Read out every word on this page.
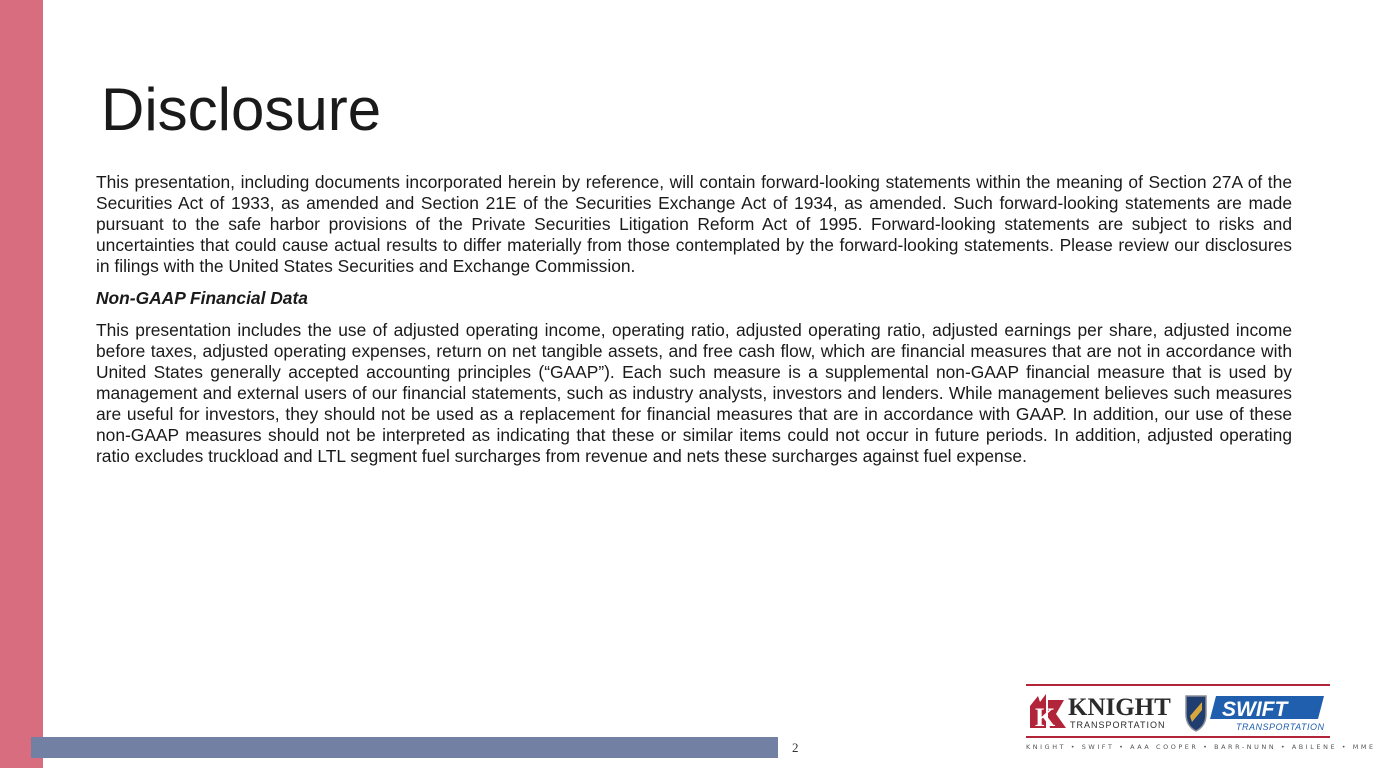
Disclosure

This presentation, including documents incorporated herein by reference, will contain forward-looking statements within the meaning of Section 27A of the Securities Act of 1933, as amended and Section 21E of the Securities Exchange Act of 1934, as amended. Such forward-looking statements are made pursuant to the safe harbor provisions of the Private Securities Litigation Reform Act of 1995. Forward-looking statements are subject to risks and uncertainties that could cause actual results to differ materially from those contemplated by the forward-looking statements. Please review our disclosures in filings with the United States Securities and Exchange Commission.

Non-GAAP Financial Data

This presentation includes the use of adjusted operating income, operating ratio, adjusted operating ratio, adjusted earnings per share, adjusted income before taxes, adjusted operating expenses, return on net tangible assets, and free cash flow, which are financial measures that are not in accordance with United States generally accepted accounting principles (“GAAP”). Each such measure is a supplemental non-GAAP financial measure that is used by management and external users of our financial statements, such as industry analysts, investors and lenders. While management believes such measures are useful for investors, they should not be used as a replacement for financial measures that are in accordance with GAAP. In addition, our use of these non-GAAP measures should not be interpreted as indicating that these or similar items could not occur in future periods. In addition, adjusted operating ratio excludes truckload and LTL segment fuel surcharges from revenue and nets these surcharges against fuel expense.

2
K KNIGHT
TRANSPORTATION
SWIFT
TRANSPORTATION
KNIGHT • SWIFT • AAA COOPER • BARR-NUNN • ABILENE • MME
